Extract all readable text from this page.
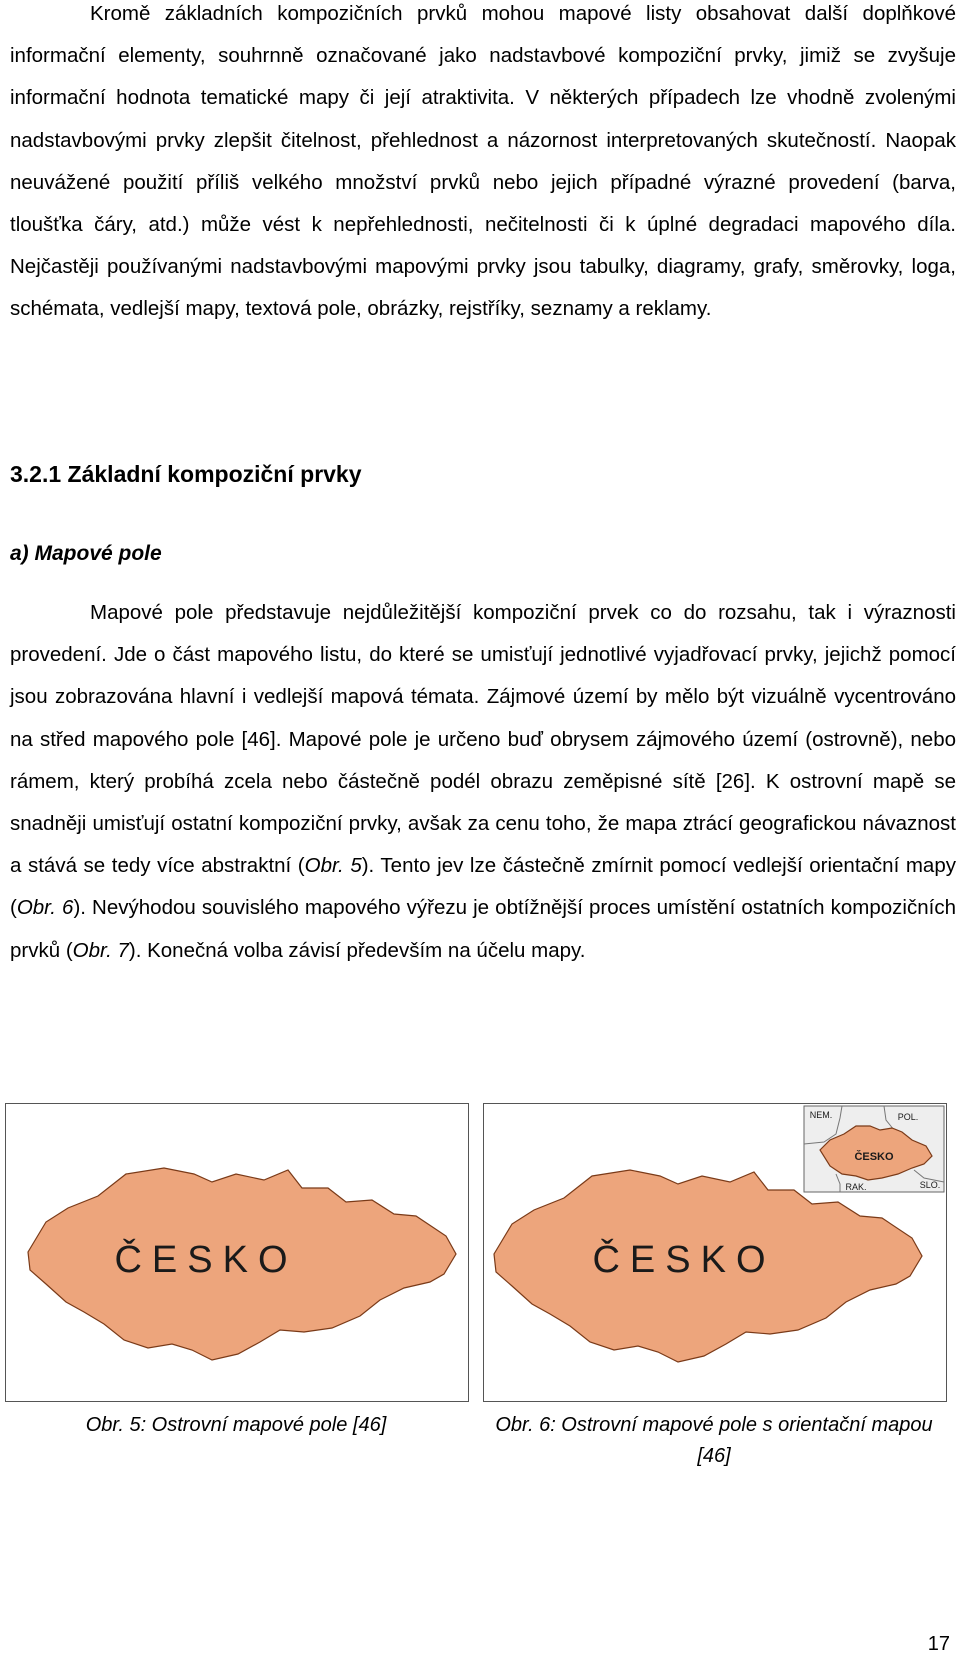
Kromě základních kompozičních prvků mohou mapové listy obsahovat další doplňkové informační elementy, souhrnně označované jako nadstavbové kompoziční prvky, jimiž se zvyšuje informační hodnota tematické mapy či její atraktivita. V některých případech lze vhodně zvolenými nadstavbovými prvky zlepšit čitelnost, přehlednost a názornost interpretovaných skutečností. Naopak neuvážené použití příliš velkého množství prvků nebo jejich případné výrazné provedení (barva, tloušťka čáry, atd.) může vést k nepřehlednosti, nečitelnosti či k úplné degradaci mapového díla. Nejčastěji používanými nadstavbovými mapovými prvky jsou tabulky, diagramy, grafy, směrovky, loga, schémata, vedlejší mapy, textová pole, obrázky, rejstříky, seznamy a reklamy.

3.2.1 Základní kompoziční prvky
a) Mapové pole

Mapové pole představuje nejdůležitější kompoziční prvek co do rozsahu, tak i výraznosti provedení. Jde o část mapového listu, do které se umisťují jednotlivé vyjadřovací prvky, jejichž pomocí jsou zobrazována hlavní i vedlejší mapová témata. Zájmové území by mělo být vizuálně vycentrováno na střed mapového pole [46]. Mapové pole je určeno buď obrysem zájmového území (ostrovně), nebo rámem, který probíhá zcela nebo částečně podél obrazu zeměpisné sítě [26]. K ostrovní mapě se snadněji umisťují ostatní kompoziční prvky, avšak za cenu toho, že mapa ztrácí geografickou návaznost a stává se tedy více abstraktní (Obr. 5). Tento jev lze částečně zmírnit pomocí vedlejší orientační mapy (Obr. 6). Nevýhodou souvislého mapového výřezu je obtížnější proces umístění ostatních kompozičních prvků (Obr. 7). Konečná volba závisí především na účelu mapy.

ČESKO

Obr. 5: Ostrovní mapové pole [46]

ČESKO
ČESKO
NEM.	POL.
SLO.
RAK.

Obr. 6: Ostrovní mapové pole s orientační mapou [46]

17
